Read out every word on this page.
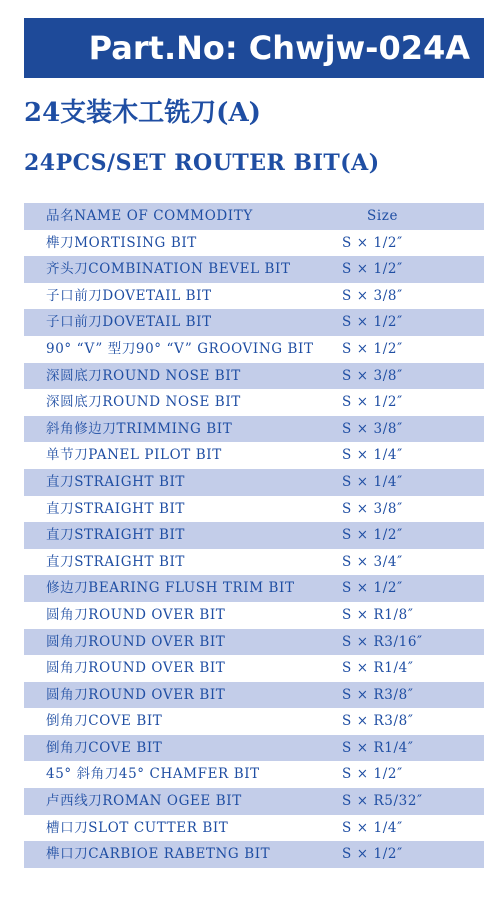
Part.No: Chwjw-024A
24支装木工铣刀(A)
24PCS/SET ROUTER BIT(A)
品名NAME OF COMMODITY	Size
榫刀MORTISING BIT	S × 1/2″
齐头刀COMBINATION BEVEL BIT	S × 1/2″
子口前刀DOVETAIL BIT	S × 3/8″
子口前刀DOVETAIL BIT	S × 1/2″
90° “V” 型刀90° “V” GROOVING BIT S × 1/2″
深圆底刀ROUND NOSE BIT	S × 3/8″
深圆底刀ROUND NOSE BIT	S × 1/2″
斜角修边刀TRIMMING BIT	S × 3/8″
单节刀PANEL PILOT BIT	S × 1/4″
直刀STRAIGHT BIT	S × 1/4″
直刀STRAIGHT BIT	S × 3/8″
直刀STRAIGHT BIT	S × 1/2″
直刀STRAIGHT BIT	S × 3/4″
修边刀BEARING FLUSH TRIM BIT	S × 1/2″
圆角刀ROUND OVER BIT	S × R1/8″
圆角刀ROUND OVER BIT	S × R3/16″
圆角刀ROUND OVER BIT	S × R1/4″
圆角刀ROUND OVER BIT	S × R3/8″
倒角刀COVE BIT	S × R3/8″
倒角刀COVE BIT	S × R1/4″
45° 斜角刀45° CHAMFER BIT	S × 1/2″
卢西线刀ROMAN OGEE BIT	S × R5/32″
槽口刀SLOT CUTTER BIT	S × 1/4″
榫口刀CARBIOE RABETNG BIT	S × 1/2″
